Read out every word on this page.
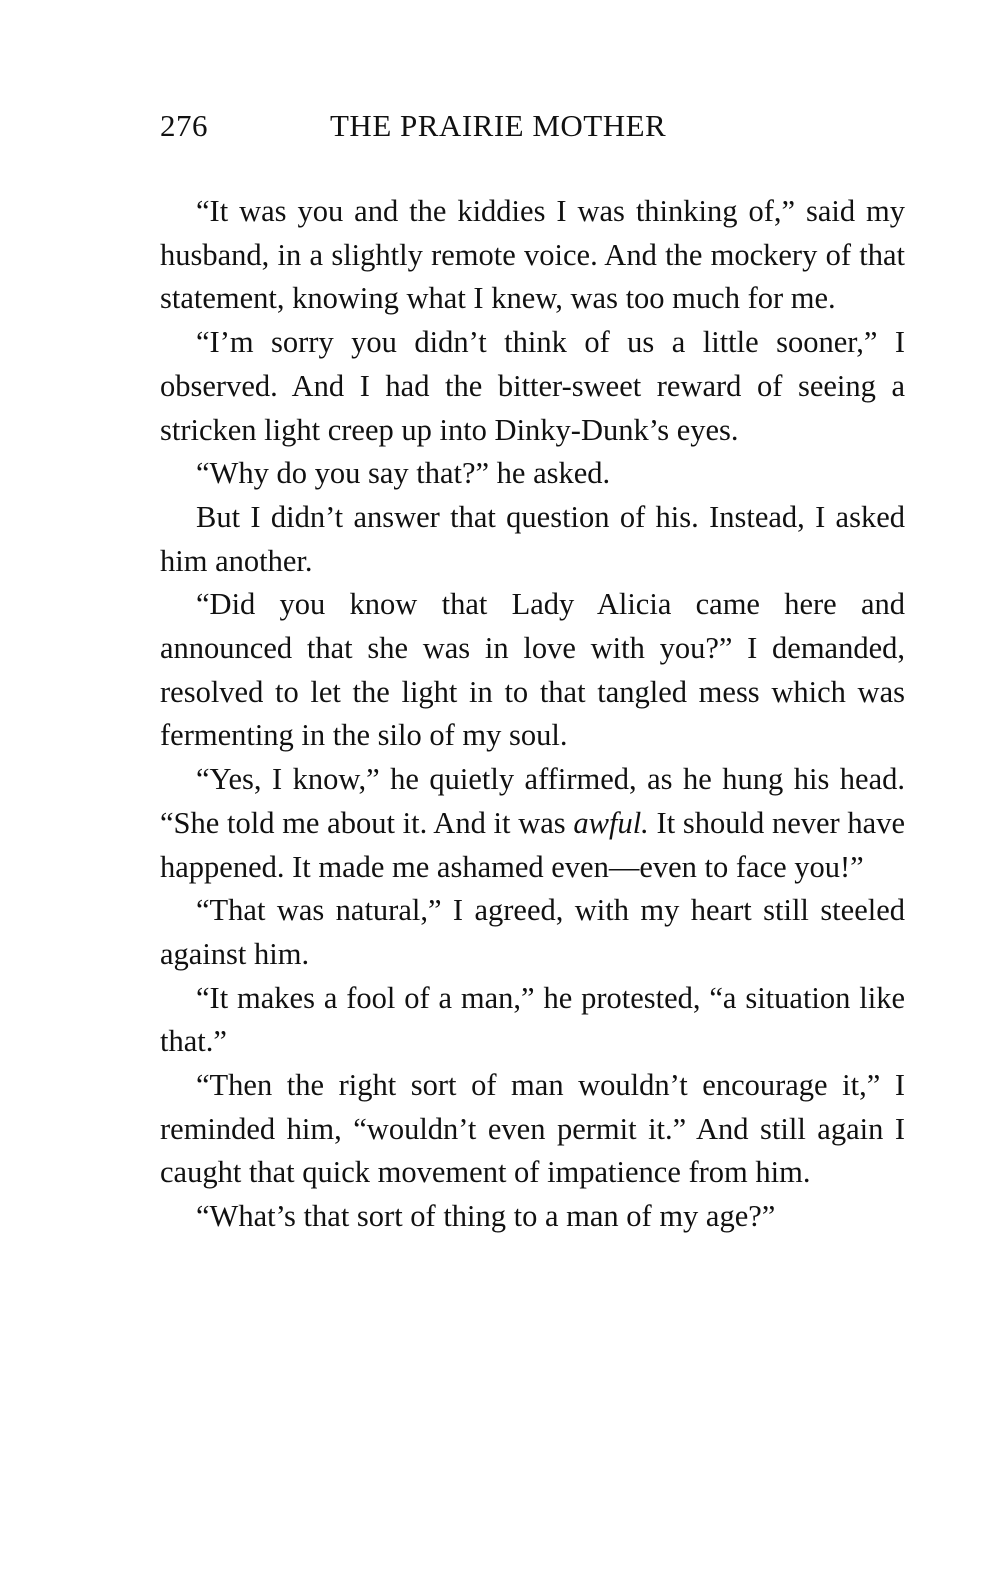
276	THE PRAIRIE MOTHER

“It was you and the kiddies I was thinking of,” said my husband, in a slightly remote voice. And the mockery of that statement, knowing what I knew, was too much for me.

“I’m sorry you didn’t think of us a little sooner,” I observed. And I had the bitter-sweet reward of seeing a stricken light creep up into Dinky-Dunk’s eyes.

“Why do you say that?” he asked.

But I didn’t answer that question of his. Instead, I asked him another.

“Did you know that Lady Alicia came here and announced that she was in love with you?” I demanded, resolved to let the light in to that tangled mess which was fermenting in the silo of my soul.

“Yes, I know,” he quietly affirmed, as he hung his head. “She told me about it. And it was awful. It should never have happened. It made me ashamed even—even to face you!”

“That was natural,” I agreed, with my heart still steeled against him.

“It makes a fool of a man,” he protested, “a situation like that.”

“Then the right sort of man wouldn’t encourage it,” I reminded him, “wouldn’t even permit it.” And still again I caught that quick movement of impatience from him.

“What’s that sort of thing to a man of my age?”
